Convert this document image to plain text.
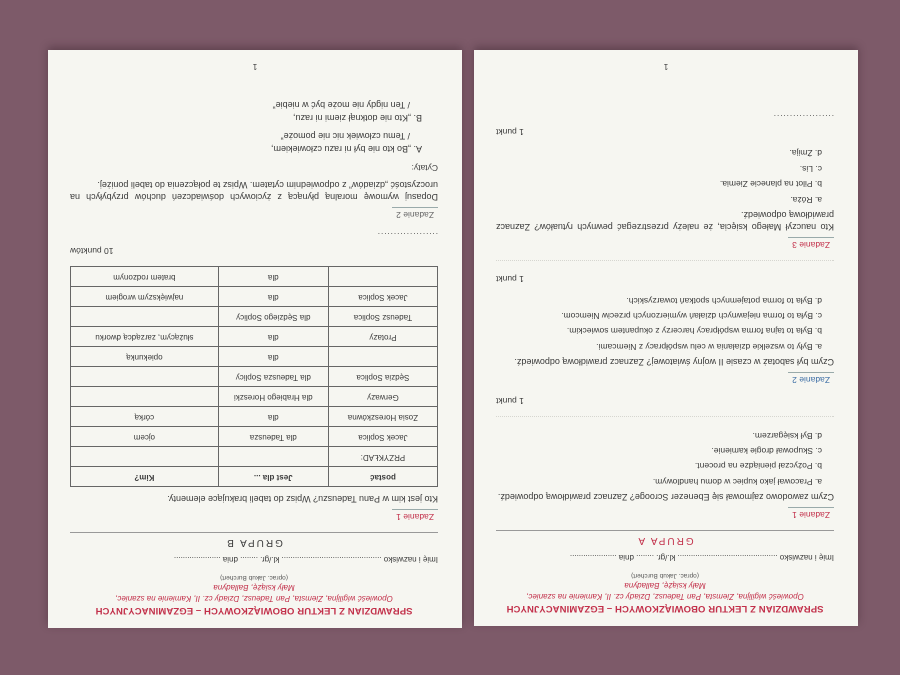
SPRAWDZIAN Z LEKTUR OBOWIĄZKOWYCH – EGZAMINACYJNYCH
Opowieść wigilijna, Ziemsta, Pan Tadeusz, Dziady cz. II, Kamienie na szaniec,
Mały książę, Balladyna
(oprac. Jakub Burchert)
Imię i nazwisko ............................................. kl./gr. ........ dnia .....................
GRUPA B
Zadanie 1
Kto jest kim w Panu Tadeuszu? Wpisz do tabeli brakujące elementy.
postać	Jest dla ...	Kim?
PRZYKŁAD:		
Jacek Soplica	dla Tadeusza	ojcem
Zosia Horeszkówna	dla	córką
Gerwazy	dla Hrabiego Horeszki	
Sędzia Soplica	dla Tadeusza Soplicy	
	dla	opiekunką
Protazy	dla	służącym, zarządcą dworku
Tadeusz Soplica	dla Sędziego Soplicy	
Jacek Soplica	dla	największym wrogiem
	dla	bratem rodzonym
10 punktów
...................
Zadanie 2
Dopasuj wymowę moralną płynącą z życiowych doświadczeń duchów przybyłych na uroczystość „dziadów” z odpowiednim cytatem. Wpisz te połączenia do tabeli poniżej.
Cytaty:
A. „Bo kto nie był ni razu człowiekiem,
/ Temu człowiek nic nie pomoże”
B. „Kto nie dotknął ziemi ni razu,
/ Ten nigdy nie może być w niebie”
1
SPRAWDZIAN Z LEKTUR OBOWIĄZKOWYCH – EGZAMINACYJNYCH
Opowieść wigilijna, Ziemsta, Pan Tadeusz, Dziady cz. II, Kamienie na szaniec,
Mały książę, Balladyna
(oprac. Jakub Burchert)
Imię i nazwisko ............................................. kl./gr. ........ dnia .....................
GRUPA A
Zadanie 1
Czym zawodowo zajmował się Ebenezer Scrooge? Zaznacz prawidłową odpowiedź.
a. Pracował jako kupiec w domu handlowym.
b. Pożyczał pieniądze na procent.
c. Skupował drogie kamienie.
d. Był księgarzem.
1 punkt
Zadanie 2
Czym był sabotaż w czasie II wojny światowej? Zaznacz prawidłową odpowiedź.
a. Były to wszelkie działania w celu współpracy z Niemcami.
b. Była to tajna forma współpracy harcerzy z okupantem sowieckim.
c. Była to forma niejawnych działań wymierzonych przeciw Niemcom.
d. Była to forma potajemnych spotkań towarzyskich.
1 punkt
Zadanie 3
Kto nauczył Małego księcia, że należy przestrzegać pewnych rytuałów? Zaznacz prawidłową odpowiedź.
a. Róża.
b. Pilot na planecie Ziemia.
c. Lis.
d. Żmija.
1 punkt
...................
1
